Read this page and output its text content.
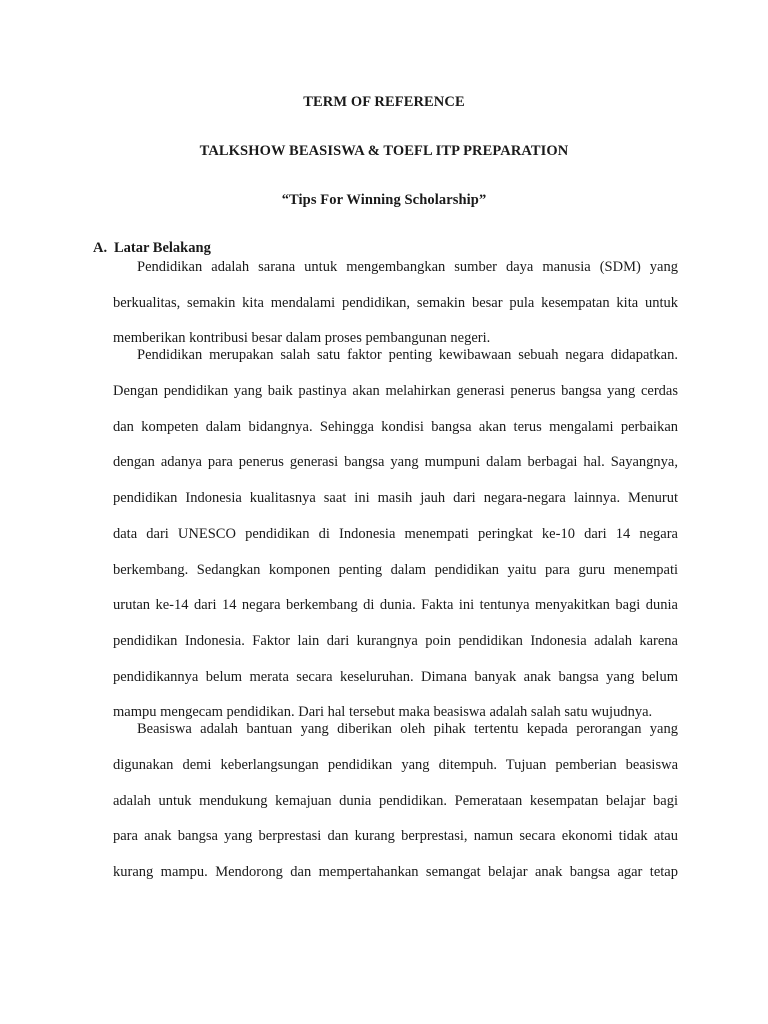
TERM OF REFERENCE
TALKSHOW BEASISWA & TOEFL ITP PREPARATION
“Tips For Winning Scholarship”
A. Latar Belakang
Pendidikan adalah sarana untuk mengembangkan sumber daya manusia (SDM) yang
berkualitas, semakin kita mendalami pendidikan, semakin besar pula kesempatan kita untuk
memberikan kontribusi besar dalam proses pembangunan negeri.
Pendidikan merupakan salah satu faktor penting kewibawaan sebuah negara didapatkan.
Dengan pendidikan yang baik pastinya akan melahirkan generasi penerus bangsa yang cerdas
dan kompeten dalam bidangnya. Sehingga kondisi bangsa akan terus mengalami perbaikan
dengan adanya para penerus generasi bangsa yang mumpuni dalam berbagai hal. Sayangnya,
pendidikan Indonesia kualitasnya saat ini masih jauh dari negara-negara lainnya. Menurut
data dari UNESCO pendidikan di Indonesia menempati peringkat ke-10 dari 14 negara
berkembang. Sedangkan komponen penting dalam pendidikan yaitu para guru menempati
urutan ke-14 dari 14 negara berkembang di dunia. Fakta ini tentunya menyakitkan bagi dunia
pendidikan Indonesia. Faktor lain dari kurangnya poin pendidikan Indonesia adalah karena
pendidikannya belum merata secara keseluruhan. Dimana banyak anak bangsa yang belum
mampu mengecam pendidikan. Dari hal tersebut maka beasiswa adalah salah satu wujudnya.
Beasiswa adalah bantuan yang diberikan oleh pihak tertentu kepada perorangan yang
digunakan demi keberlangsungan pendidikan yang ditempuh. Tujuan pemberian beasiswa
adalah untuk mendukung kemajuan dunia pendidikan. Pemerataan kesempatan belajar bagi
para anak bangsa yang berprestasi dan kurang berprestasi, namun secara ekonomi tidak atau
kurang mampu. Mendorong dan mempertahankan semangat belajar anak bangsa agar tetap
